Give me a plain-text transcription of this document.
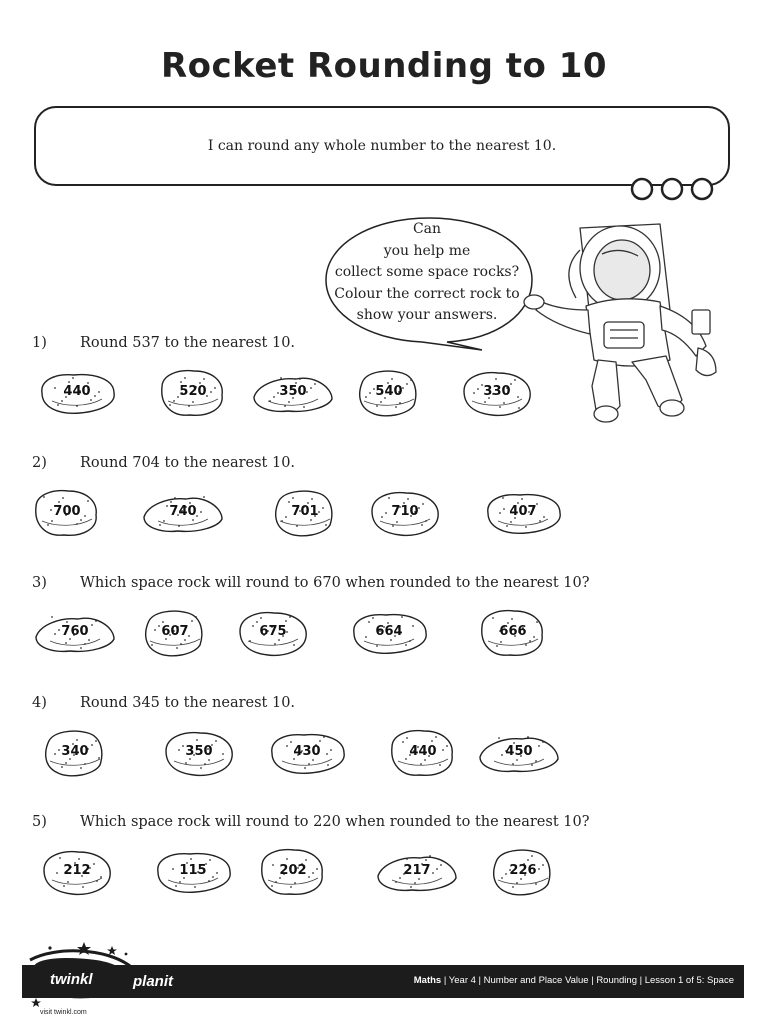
Rocket Rounding to 10
I can round any whole number to the nearest 10.
Can
you help me
collect some space rocks?
Colour the correct rock to
show your answers.
1) Round 537 to the nearest 10.
440	520	350	540	330
2) Round 704 to the nearest 10.
700	740	701	710	407
3) Which space rock will round to 670 when rounded to the nearest 10?
760	607	675	664	666
4) Round 345 to the nearest 10.
340	350	430	440	450
5) Which space rock will round to 220 when rounded to the nearest 10?
212	115	202	217	226
Maths | Year 4 | Number and Place Value | Rounding | Lesson 1 of 5: Space
twinkl	planit
visit twinkl.com
